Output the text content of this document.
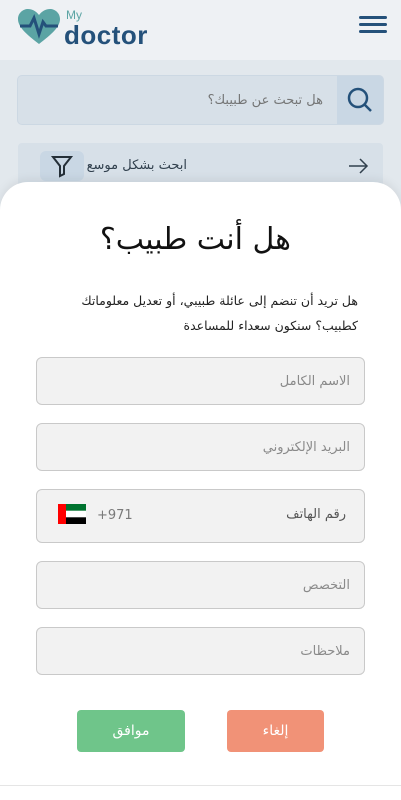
My
doctor
هل تبحث عن طبيبك؟
ابحث بشكل موسع
هل أنت طبيب؟

هل تريد أن تنضم إلى عائلة طبيبي، أو تعديل معلوماتك كطبيب؟ سنكون سعداء للمساعدة

الاسم الكامل
البريد الإلكتروني
+971	رقم الهاتف
التخصص
ملاحظات
موافق	إلغاء
